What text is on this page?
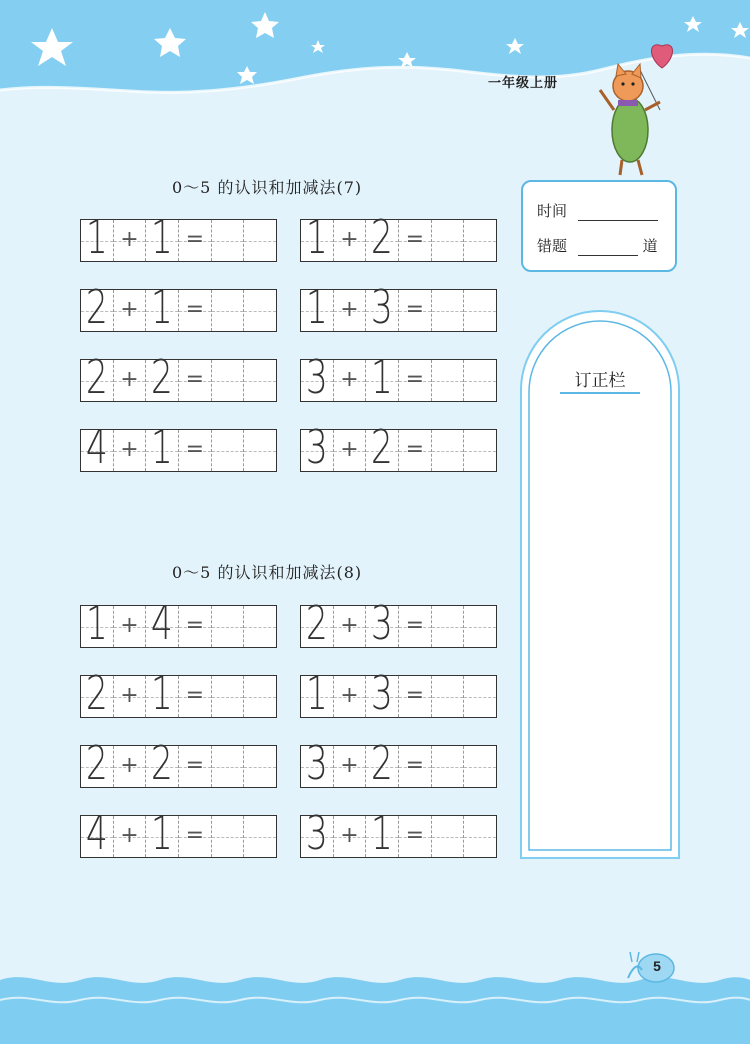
一年级上册
0～5 的认识和加减法(7)
0～5 的认识和加减法(8)
1 + 1 = 1 + 2 =
2 + 1 = 1 + 3 =
2 + 2 = 3 + 1 =
4 + 1 = 3 + 2 =
1 + 4 = 2 + 3 =
2 + 1 = 1 + 3 =
2 + 2 = 3 + 2 =
4 + 1 = 3 + 1 =
时间
错题	道
订正栏
5
